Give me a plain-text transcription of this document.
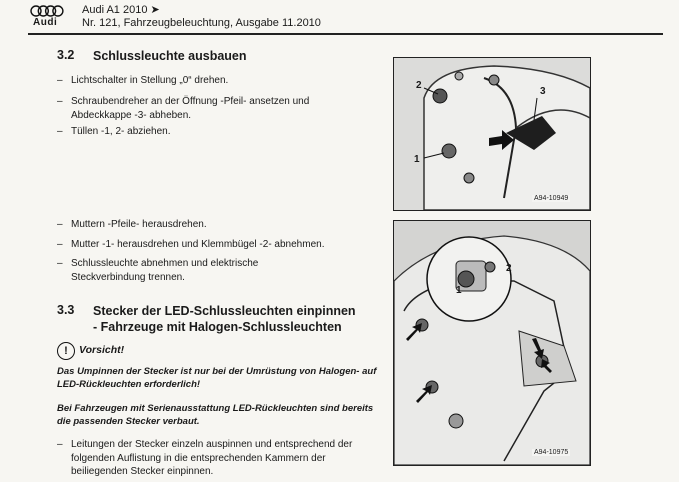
Audi
Audi A1 2010 ➤
Nr. 121, Fahrzeugbeleuchtung, Ausgabe 11.2010
3.2 Schlussleuchte ausbauen
– Lichtschalter in Stellung „0“ drehen.
– Schraubendreher an der Öffnung -Pfeil- ansetzen und Abdeckkappe -3- abheben.
– Tüllen -1, 2- abziehen.
– Muttern -Pfeile- herausdrehen.
– Mutter -1- herausdrehen und Klemmbügel -2- abnehmen.
– Schlussleuchte abnehmen und elektrische Steckverbindung trennen.
3.3 Stecker der LED-Schlussleuchten einpinnen
- Fahrzeuge mit Halogen-Schlussleuchten
!	Vorsicht!
Das Umpinnen der Stecker ist nur bei der Umrüstung von Halogen- auf LED-Rückleuchten erforderlich!
Bei Fahrzeugen mit Serienausstattung LED-Rückleuchten sind bereits die passenden Stecker verbaut.
– Leitungen der Stecker einzeln auspinnen und entsprechend der folgenden Auflistung in die entsprechenden Kammern der beiliegenden Stecker einpinnen.
2
1
3
A94-10949
1
2
A94-10975
